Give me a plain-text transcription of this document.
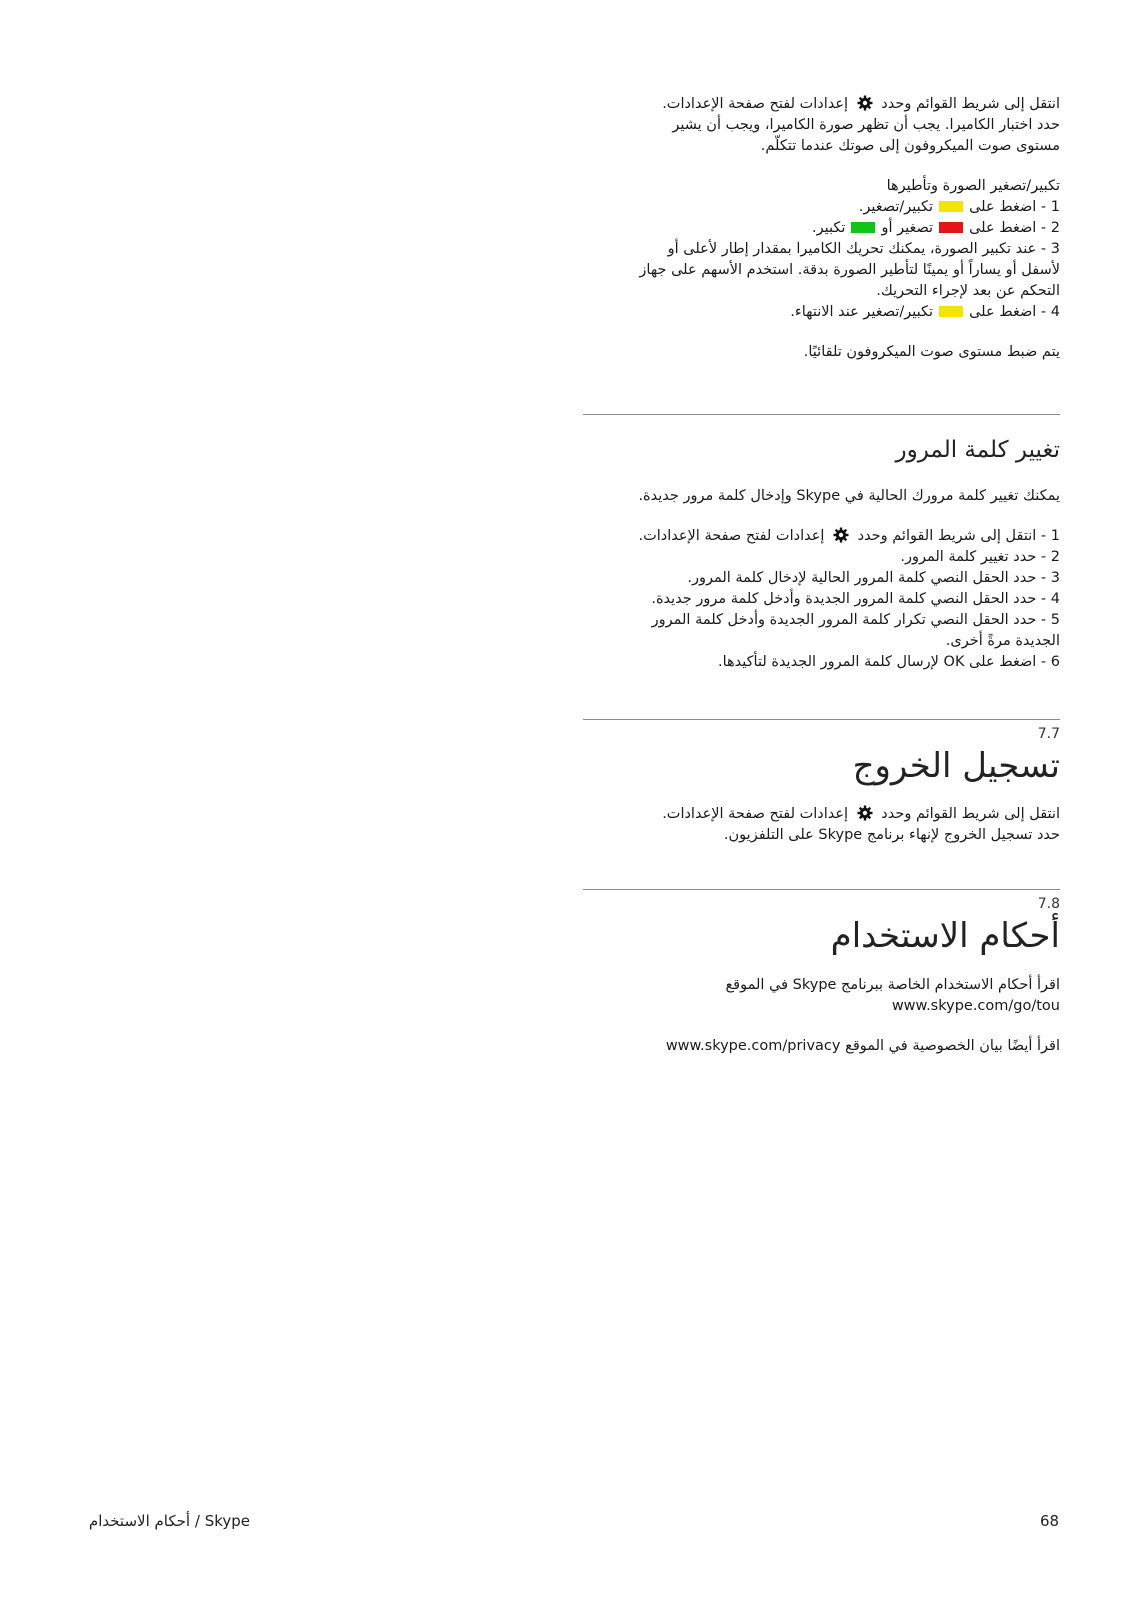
انتقل إلى شريط القوائم وحدد  إعدادات لفتح صفحة الإعدادات.

حدد اختبار الكاميرا. يجب أن تظهر صورة الكاميرا، ويجب أن يشير

مستوى صوت الميكروفون إلى صوتك عندما تتكلّم.

تكبير/تصغير الصورة وتأطيرها

1 - اضغط علىتكبير/تصغير.

2 - اضغط علىتصغير أوتكبير.

3 - عند تكبير الصورة، يمكنك تحريك الكاميرا بمقدار إطار لأعلى أو

لأسفل أو يساراً أو يمينًا لتأطير الصورة بدقة. استخدم الأسهم على جهاز

التحكم عن بعد لإجراء التحريك.

4 - اضغط علىتكبير/تصغير عند الانتهاء.

يتم ضبط مستوى صوت الميكروفون تلقائيًا.

تغيير كلمة المرور

يمكنك تغيير كلمة مرورك الحالية في Skype وإدخال كلمة مرور جديدة.

1 - انتقل إلى شريط القوائم وحدد  إعدادات لفتح صفحة الإعدادات.

2 - حدد تغيير كلمة المرور.

3 - حدد الحقل النصي كلمة المرور الحالية لإدخال كلمة المرور.

4 - حدد الحقل النصي كلمة المرور الجديدة وأدخل كلمة مرور جديدة.

5 - حدد الحقل النصي تكرار كلمة المرور الجديدة وأدخل كلمة المرور

الجديدة مرةً أخرى.

6 - اضغط على OK لإرسال كلمة المرور الجديدة لتأكيدها.

7.7
تسجيل الخروج

انتقل إلى شريط القوائم وحدد  إعدادات لفتح صفحة الإعدادات.

حدد تسجيل الخروج لإنهاء برنامج Skype على التلفزيون.

7.8
أحكام الاستخدام

اقرأ أحكام الاستخدام الخاصة ببرنامج Skype في الموقع

www.skype.com/go/tou

اقرأ أيضًا بيان الخصوصية في الموقع www.skype.com/privacy

Skype / أحكام الاستخدام	68
